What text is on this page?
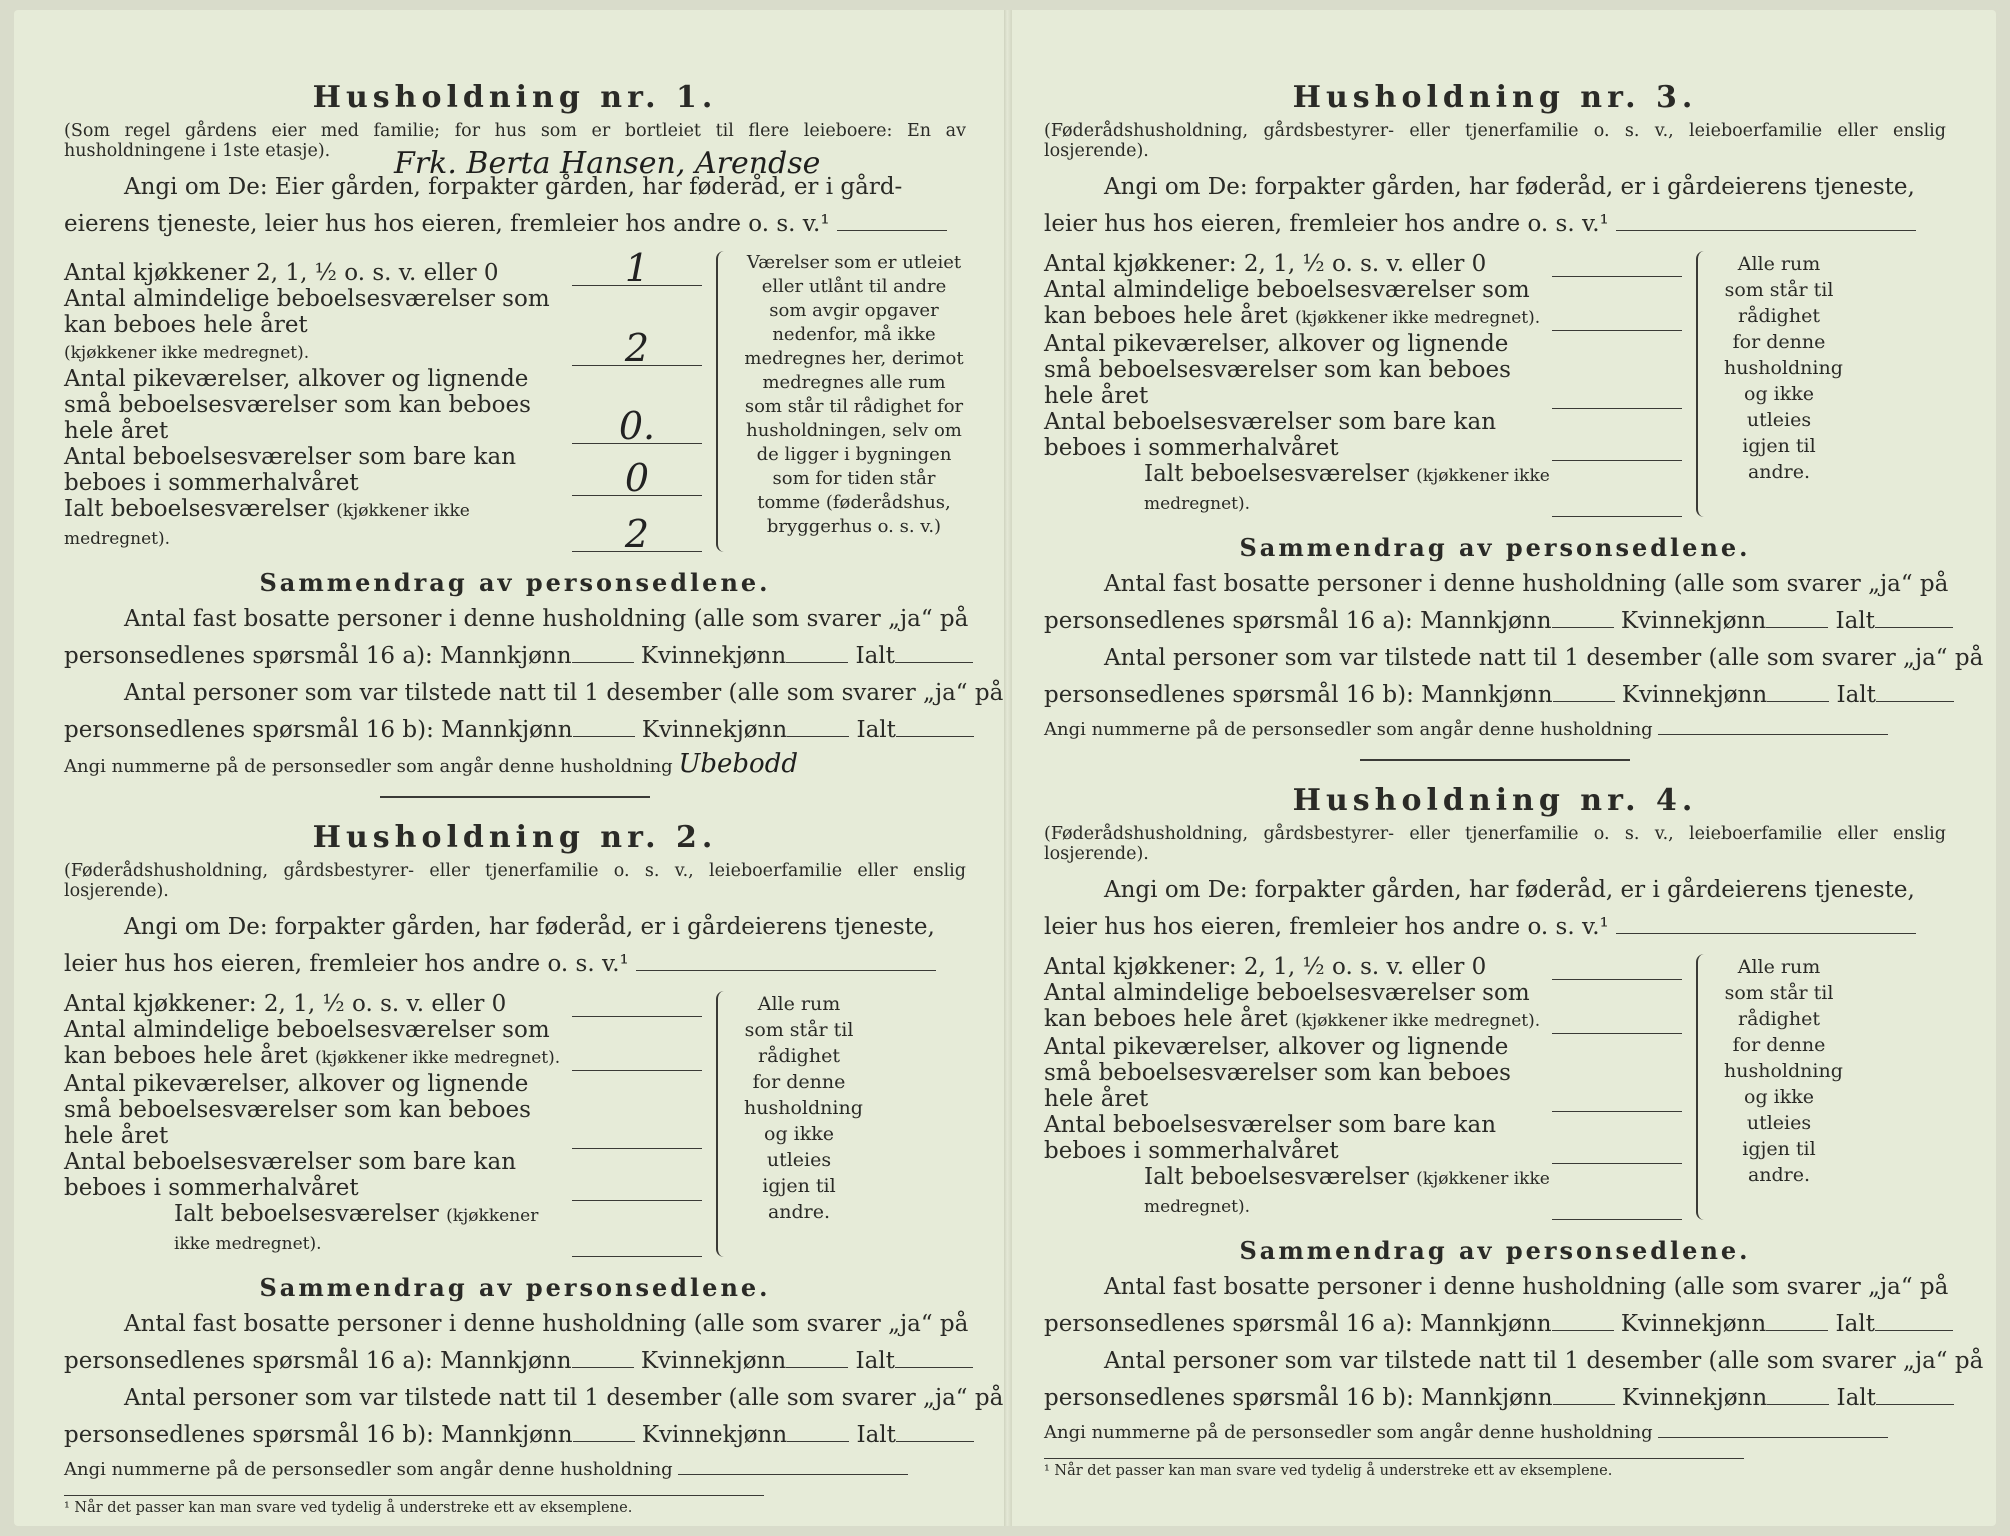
Husholdning nr. 1.
(Som regel gårdens eier med familie; for hus som er bortleiet til flere leieboere: En av husholdningene i 1ste etasje).	Frk. Berta Hansen, Arendse
Angi om De: Eier gården, forpakter gården, har føderåd, er i gård-
eierens tjeneste, leier hus hos eieren, fremleier hos andre o. s. v.¹
Antal kjøkkener 2, 1, ½ o. s. v. eller 0	1
Antal almindelige beboelsesværelser som kan beboes hele året
(kjøkkener ikke medregnet).	2
Antal pikeværelser, alkover og lignende små beboelsesværelser som kan beboes hele året	0.
Antal beboelsesværelser som bare kan beboes i sommerhalvåret	0
Ialt beboelsesværelser (kjøkkener ikke medregnet).	2
Værelser som er utleiet eller utlånt til andre som avgir opgaver nedenfor, må ikke medregnes her, derimot medregnes alle rum som står til rådighet for husholdningen, selv om de ligger i bygningen som for tiden står tomme (føderådshus, bryggerhus o. s. v.)
Sammendrag av personsedlene.
Antal fast bosatte personer i denne husholdning (alle som svarer „ja“ på
personsedlenes spørsmål 16 a): Mannkjønn	Kvinnekjønn	Ialt
Antal personer som var tilstede natt til 1 desember (alle som svarer „ja“ på
personsedlenes spørsmål 16 b): Mannkjønn	Kvinnekjønn	Ialt
Angi nummerne på de personsedler som angår denne husholdning Ubebodd
Husholdning nr. 2.
(Føderådshusholdning, gårdsbestyrer- eller tjenerfamilie o. s. v., leieboerfamilie eller enslig losjerende).
Angi om De: forpakter gården, har føderåd, er i gårdeierens tjeneste,
leier hus hos eieren, fremleier hos andre o. s. v.¹
Antal kjøkkener: 2, 1, ½ o. s. v. eller 0
Antal almindelige beboelsesværelser som kan beboes hele året (kjøkkener ikke medregnet).
Antal pikeværelser, alkover og lignende små beboelsesværelser som kan beboes hele året
Antal beboelsesværelser som bare kan beboes i sommerhalvåret
Ialt beboelsesværelser (kjøkkener ikke medregnet).
Alle rum som står til rådighet for denne husholdning og ikke utleies igjen til andre.
Sammendrag av personsedlene.
Antal fast bosatte personer i denne husholdning (alle som svarer „ja“ på
personsedlenes spørsmål 16 a): Mannkjønn	Kvinnekjønn	Ialt
Antal personer som var tilstede natt til 1 desember (alle som svarer „ja“ på
personsedlenes spørsmål 16 b): Mannkjønn	Kvinnekjønn	Ialt
Angi nummerne på de personsedler som angår denne husholdning
¹ Når det passer kan man svare ved tydelig å understreke ett av eksemplene.
Husholdning nr. 3.
(Føderådshusholdning, gårdsbestyrer- eller tjenerfamilie o. s. v., leieboerfamilie eller enslig losjerende).
Angi om De: forpakter gården, har føderåd, er i gårdeierens tjeneste,
leier hus hos eieren, fremleier hos andre o. s. v.¹
Antal kjøkkener: 2, 1, ½ o. s. v. eller 0
Antal almindelige beboelsesværelser som kan beboes hele året (kjøkkener ikke medregnet).
Antal pikeværelser, alkover og lignende små beboelsesværelser som kan beboes hele året
Antal beboelsesværelser som bare kan beboes i sommerhalvåret
Ialt beboelsesværelser (kjøkkener ikke medregnet).
Alle rum som står til rådighet for denne husholdning og ikke utleies igjen til andre.
Sammendrag av personsedlene.
Antal fast bosatte personer i denne husholdning (alle som svarer „ja“ på
personsedlenes spørsmål 16 a): Mannkjønn	Kvinnekjønn	Ialt
Antal personer som var tilstede natt til 1 desember (alle som svarer „ja“ på
personsedlenes spørsmål 16 b): Mannkjønn	Kvinnekjønn	Ialt
Angi nummerne på de personsedler som angår denne husholdning
Husholdning nr. 4.
(Føderådshusholdning, gårdsbestyrer- eller tjenerfamilie o. s. v., leieboerfamilie eller enslig losjerende).
Angi om De: forpakter gården, har føderåd, er i gårdeierens tjeneste,
leier hus hos eieren, fremleier hos andre o. s. v.¹
Antal kjøkkener: 2, 1, ½ o. s. v. eller 0
Antal almindelige beboelsesværelser som kan beboes hele året (kjøkkener ikke medregnet).
Antal pikeværelser, alkover og lignende små beboelsesværelser som kan beboes hele året
Antal beboelsesværelser som bare kan beboes i sommerhalvåret
Ialt beboelsesværelser (kjøkkener ikke medregnet).
Alle rum som står til rådighet for denne husholdning og ikke utleies igjen til andre.
Sammendrag av personsedlene.
Antal fast bosatte personer i denne husholdning (alle som svarer „ja“ på
personsedlenes spørsmål 16 a): Mannkjønn	Kvinnekjønn	Ialt
Antal personer som var tilstede natt til 1 desember (alle som svarer „ja“ på
personsedlenes spørsmål 16 b): Mannkjønn	Kvinnekjønn	Ialt
Angi nummerne på de personsedler som angår denne husholdning
¹ Når det passer kan man svare ved tydelig å understreke ett av eksemplene.
